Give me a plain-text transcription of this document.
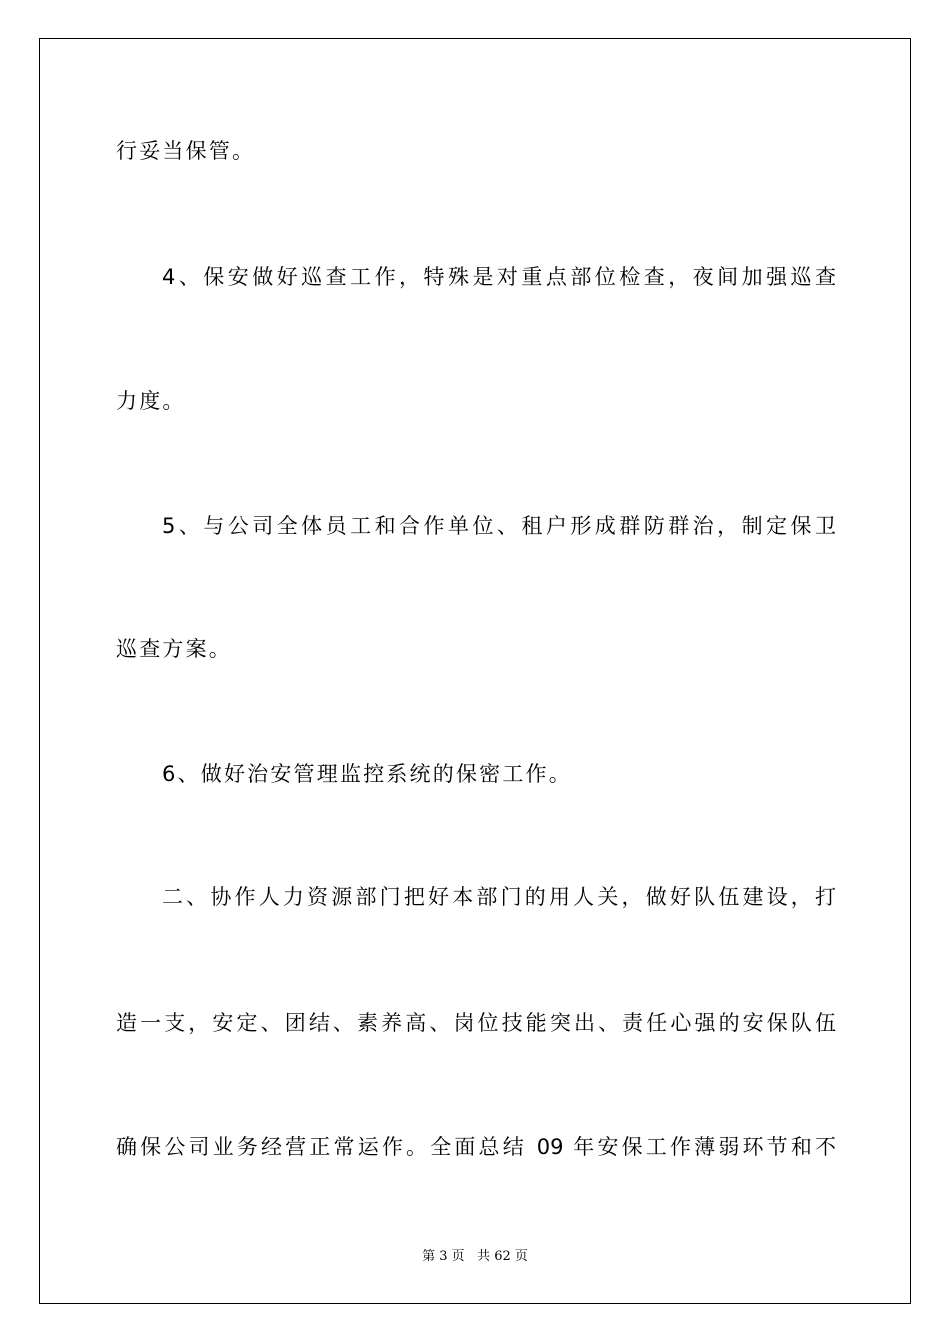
行妥当保管。
4、保安做好巡查工作，特殊是对重点部位检查，夜间加强巡查
力度。
5、与公司全体员工和合作单位、租户形成群防群治，制定保卫
巡查方案。
6、做好治安管理监控系统的保密工作。
二、协作人力资源部门把好本部门的用人关，做好队伍建设，打
造一支，安定、团结、素养高、岗位技能突出、责任心强的安保队伍
确保公司业务经营正常运作。全面总结 09 年安保工作薄弱环节和不
第 3 页   共 62 页
